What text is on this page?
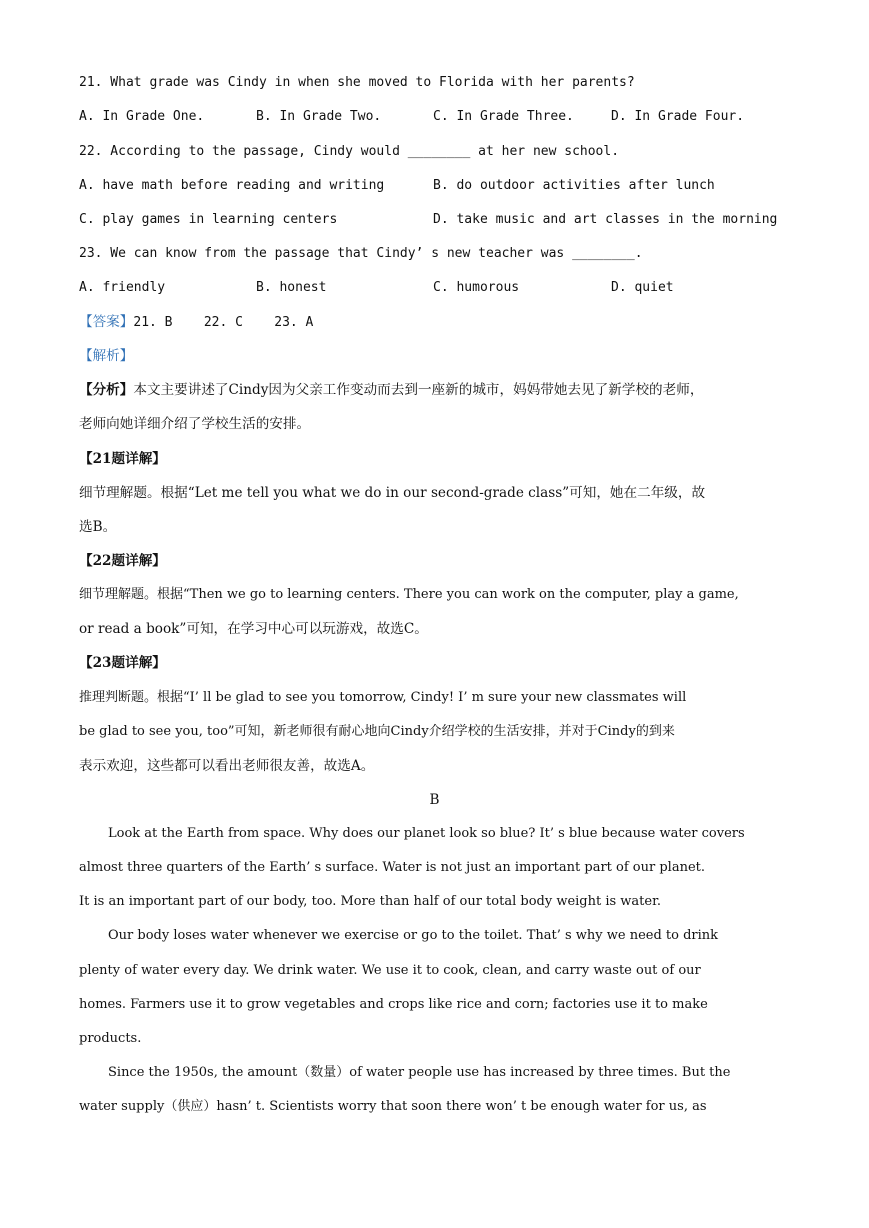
21. What grade was Cindy in when she moved to Florida with her parents?
A. In Grade One.	B. In Grade Two.	C. In Grade Three.	D. In Grade Four.
22. According to the passage, Cindy would ________ at her new school.
A. have math before reading and writing	B. do outdoor activities after lunch
C. play games in learning centers	D. take music and art classes in the morning
23. We can know from the passage that Cindy’ s new teacher was ________.
A. friendly	B. honest	C. humorous	D. quiet
【答案】21. B    22. C    23. A
【解析】
【分析】本文主要讲述了Cindy因为父亲工作变动而去到一座新的城市，妈妈带她去见了新学校的老师，
老师向她详细介绍了学校生活的安排。
【21题详解】
细节理解题。根据“Let me tell you what we do in our second-grade class”可知，她在二年级，故
选B。
【22题详解】
细节理解题。根据“Then we go to learning centers. There you can work on the computer, play a game,
or read a book”可知，在学习中心可以玩游戏，故选C。
【23题详解】
推理判断题。根据“I’ ll be glad to see you tomorrow, Cindy! I’ m sure your new classmates will
be glad to see you, too”可知，新老师很有耐心地向Cindy介绍学校的生活安排，并对于Cindy的到来
表示欢迎，这些都可以看出老师很友善，故选A。
B
Look at the Earth from space. Why does our planet look so blue? It’ s blue because water covers
almost three quarters of the Earth’ s surface. Water is not just an important part of our planet.
It is an important part of our body, too. More than half of our total body weight is water.
Our body loses water whenever we exercise or go to the toilet. That’ s why we need to drink
plenty of water every day. We drink water. We use it to cook, clean, and carry waste out of our
homes. Farmers use it to grow vegetables and crops like rice and corn; factories use it to make
products.
Since the 1950s, the amount（数量）of water people use has increased by three times. But the
water supply（供应）hasn’ t. Scientists worry that soon there won’ t be enough water for us, as
